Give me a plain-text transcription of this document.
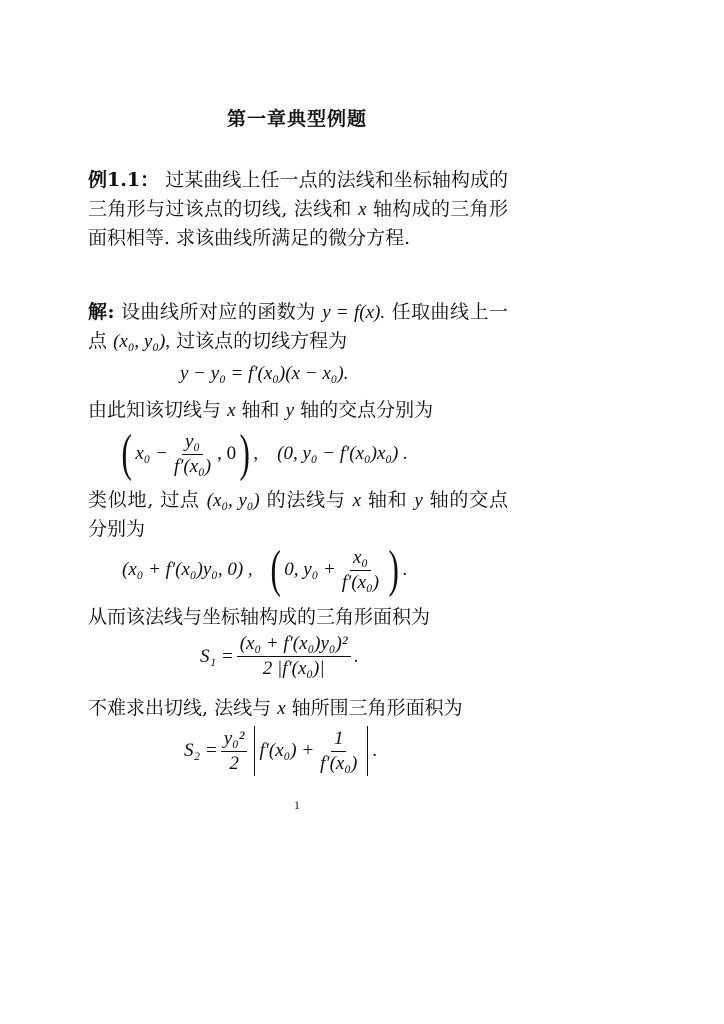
第一章典型例题
例1.1： 过某曲线上任一点的法线和坐标轴构成的三角形与过该点的切线, 法线和 x 轴构成的三角形面积相等. 求该曲线所满足的微分方程.
解: 设曲线所对应的函数为 y = f(x). 任取曲线上一点 (x₀, y₀), 过该点的切线方程为
y − y₀ = f′(x₀)(x − x₀).
由此知该切线与 x 轴和 y 轴的交点分别为
( $x_0 - \frac{\text{y₀}}{\text{f′(x₀)}}$ , 0 ) , (0, y₀ − f′(x₀)x₀) .
类似地, 过点 (x₀, y₀) 的法线与 x 轴和 y 轴的交点分别为
(x₀ + f′(x₀)y₀, 0) ,
( 0, $y_0 + \frac{\text{x₀}}{\text{f′(x₀)}}$ ) .
从而该法线与坐标轴构成的三角形面积为
$S_1 = \frac{\text{(x₀ + f′(x₀)y₀)²}}{\text{2 |f′(x₀)|}}$ .
不难求出切线, 法线与 x 轴所围三角形面积为
$S_2 = \frac{\text{y₀²}}{2} f'(x_0) + \frac{1}{\text{f′(x₀)}}$ .
1
